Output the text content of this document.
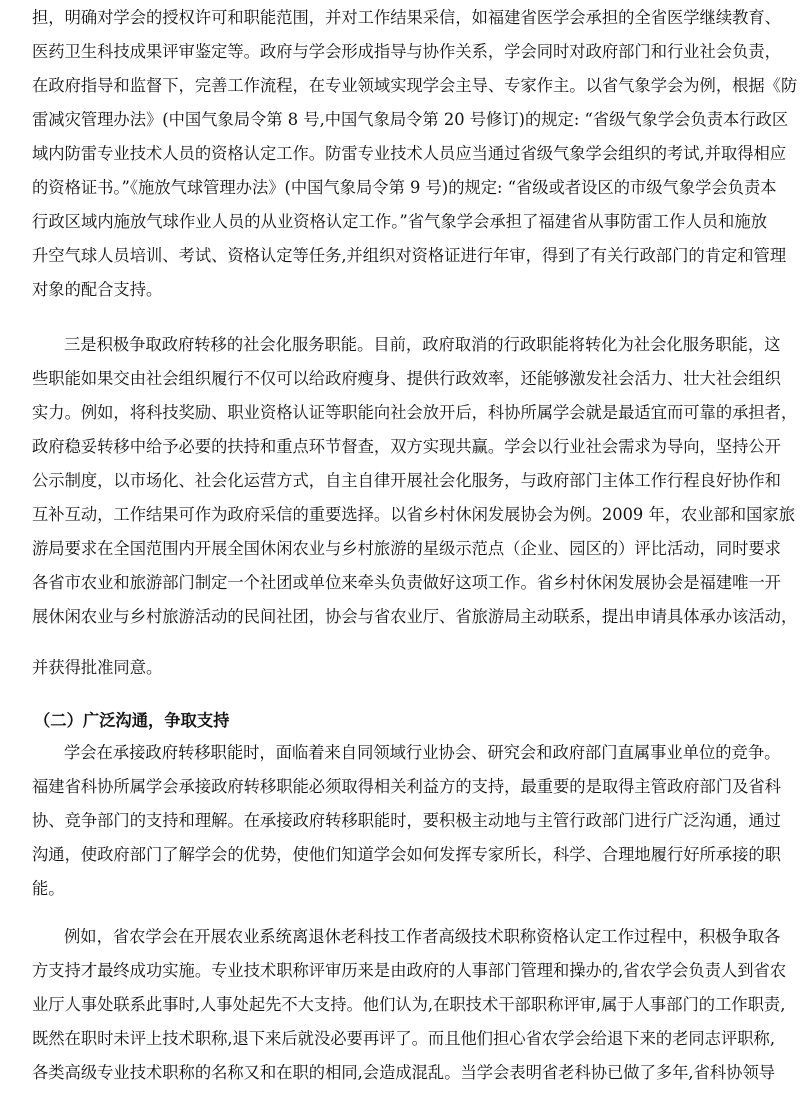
担，明确对学会的授权许可和职能范围，并对工作结果采信，如福建省医学会承担的全省医学继续教育、
医药卫生科技成果评审鉴定等。政府与学会形成指导与协作关系，学会同时对政府部门和行业社会负责，
在政府指导和监督下，完善工作流程，在专业领域实现学会主导、专家作主。以省气象学会为例，根据《防
雷减灾管理办法》(中国气象局令第 8 号,中国气象局令第 20 号修订)的规定: “省级气象学会负责本行政区
域内防雷专业技术人员的资格认定工作。防雷专业技术人员应当通过省级气象学会组织的考试,并取得相应
的资格证书。”《施放气球管理办法》(中国气象局令第 9 号)的规定: “省级或者设区的市级气象学会负责本
行政区域内施放气球作业人员的从业资格认定工作。”省气象学会承担了福建省从事防雷工作人员和施放
升空气球人员培训、考试、资格认定等任务,并组织对资格证进行年审，得到了有关行政部门的肯定和管理
对象的配合支持。
三是积极争取政府转移的社会化服务职能。目前，政府取消的行政职能将转化为社会化服务职能，这
些职能如果交由社会组织履行不仅可以给政府瘦身、提供行政效率，还能够激发社会活力、壮大社会组织
实力。例如，将科技奖励、职业资格认证等职能向社会放开后，科协所属学会就是最适宜而可靠的承担者，
政府稳妥转移中给予必要的扶持和重点环节督查，双方实现共赢。学会以行业社会需求为导向，坚持公开
公示制度，以市场化、社会化运营方式，自主自律开展社会化服务，与政府部门主体工作行程良好协作和
互补互动，工作结果可作为政府采信的重要选择。以省乡村休闲发展协会为例。2009 年，农业部和国家旅
游局要求在全国范围内开展全国休闲农业与乡村旅游的星级示范点（企业、园区的）评比活动，同时要求
各省市农业和旅游部门制定一个社团或单位来牵头负责做好这项工作。省乡村休闲发展协会是福建唯一开
展休闲农业与乡村旅游活动的民间社团，协会与省农业厅、省旅游局主动联系，提出申请具体承办该活动，
并获得批准同意。
（二）广泛沟通，争取支持
学会在承接政府转移职能时，面临着来自同领域行业协会、研究会和政府部门直属事业单位的竞争。
福建省科协所属学会承接政府转移职能必须取得相关利益方的支持，最重要的是取得主管政府部门及省科
协、竞争部门的支持和理解。在承接政府转移职能时，要积极主动地与主管行政部门进行广泛沟通，通过
沟通，使政府部门了解学会的优势，使他们知道学会如何发挥专家所长，科学、合理地履行好所承接的职
能。
例如，省农学会在开展农业系统离退休老科技工作者高级技术职称资格认定工作过程中，积极争取各
方支持才最终成功实施。专业技术职称评审历来是由政府的人事部门管理和操办的,省农学会负责人到省农
业厅人事处联系此事时,人事处起先不大支持。他们认为,在职技术干部职称评审,属于人事部门的工作职责,
既然在职时未评上技术职称,退下来后就没必要再评了。而且他们担心省农学会给退下来的老同志评职称,
各类高级专业技术职称的名称又和在职的相同,会造成混乱。当学会表明省老科协已做了多年,省科协领导
